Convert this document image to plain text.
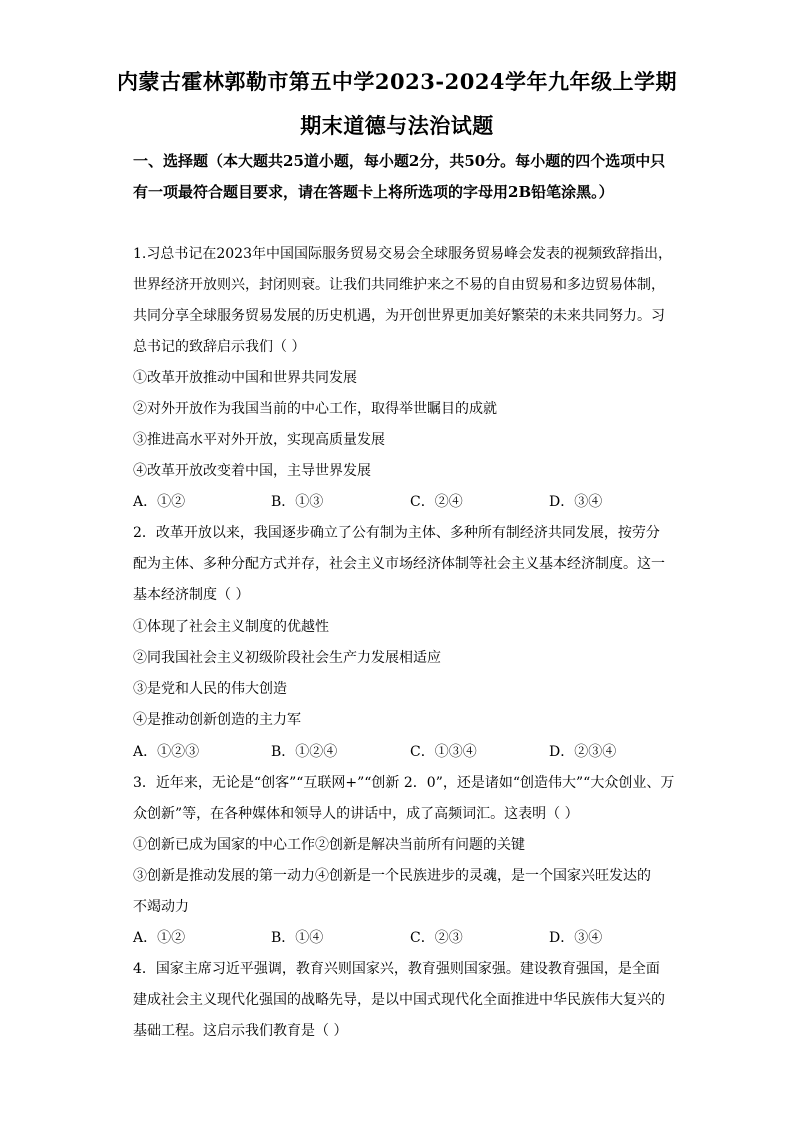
内蒙古霍林郭勒市第五中学2023-2024学年九年级上学期
期末道德与法治试题
一、选择题（本大题共25道小题，每小题2分，共50分。每小题的四个选项中只有一项最符合题目要求，请在答题卡上将所选项的字母用2B铅笔涂黑。）
1.习总书记在2023年中国国际服务贸易交易会全球服务贸易峰会发表的视频致辞指出，
世界经济开放则兴，封闭则衰。让我们共同维护来之不易的自由贸易和多边贸易体制，
共同分享全球服务贸易发展的历史机遇，为开创世界更加美好繁荣的未来共同努力。习
总书记的致辞启示我们（ ）
①改革开放推动中国和世界共同发展
②对外开放作为我国当前的中心工作，取得举世瞩目的成就
③推进高水平对外开放，实现高质量发展
④改革开放改变着中国，主导世界发展
A．①②	B．①③	C．②④	D．③④
2．改革开放以来，我国逐步确立了公有制为主体、多种所有制经济共同发展，按劳分
配为主体、多种分配方式并存，社会主义市场经济体制等社会主义基本经济制度。这一
基本经济制度（ ）
①体现了社会主义制度的优越性
②同我国社会主义初级阶段社会生产力发展相适应
③是党和人民的伟大创造
④是推动创新创造的主力军
A．①②③	B．①②④	C．①③④	D．②③④
3．近年来，无论是“创客”“互联网+”“创新 2．0”，还是诸如“创造伟大”“大众创业、万
众创新”等，在各种媒体和领导人的讲话中，成了高频词汇。这表明（ ）
①创新已成为国家的中心工作②创新是解决当前所有问题的关键
③创新是推动发展的第一动力④创新是一个民族进步的灵魂，是一个国家兴旺发达的
不竭动力
A．①②	B．①④	C．②③	D．③④
4．国家主席习近平强调，教育兴则国家兴，教育强则国家强。建设教育强国，是全面
建成社会主义现代化强国的战略先导，是以中国式现代化全面推进中华民族伟大复兴的
基础工程。这启示我们教育是（ ）
